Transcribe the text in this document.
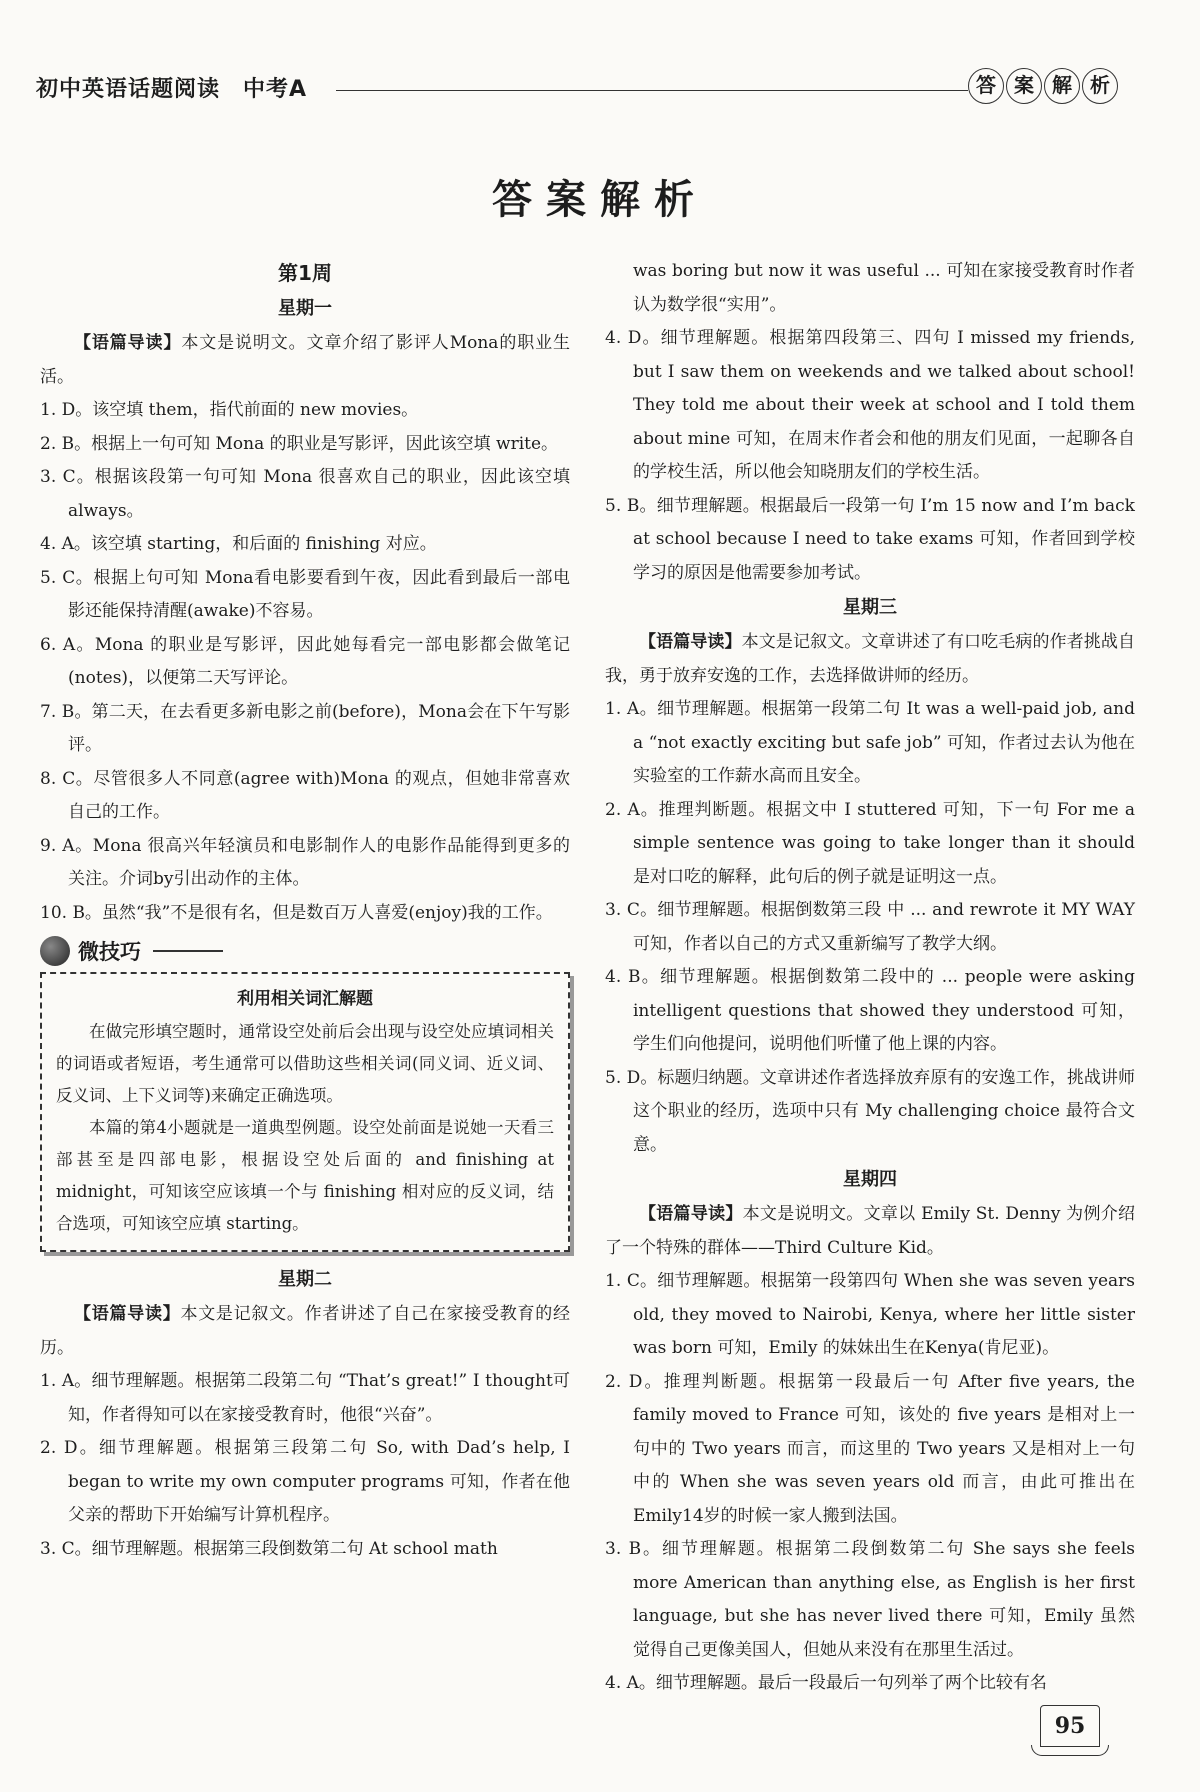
初中英语话题阅读　中考A	答 案 解 析
答案解析

第1周

星期一

【语篇导读】本文是说明文。文章介绍了影评人Mona的职业生活。

1. D。该空填 them，指代前面的 new movies。

2. B。根据上一句可知 Mona 的职业是写影评，因此该空填 write。

3. C。根据该段第一句可知 Mona 很喜欢自己的职业，因此该空填always。

4. A。该空填 starting，和后面的 finishing 对应。

5. C。根据上句可知 Mona看电影要看到午夜，因此看到最后一部电影还能保持清醒(awake)不容易。

6. A。Mona 的职业是写影评，因此她每看完一部电影都会做笔记(notes)，以便第二天写评论。

7. B。第二天，在去看更多新电影之前(before)，Mona会在下午写影评。

8. C。尽管很多人不同意(agree with)Mona 的观点，但她非常喜欢自己的工作。

9. A。Mona 很高兴年轻演员和电影制作人的电影作品能得到更多的关注。介词by引出动作的主体。

10. B。虽然“我”不是很有名，但是数百万人喜爱(enjoy)我的工作。

微技巧
利用相关词汇解题

在做完形填空题时，通常设空处前后会出现与设空处应填词相关的词语或者短语，考生通常可以借助这些相关词(同义词、近义词、反义词、上下义词等)来确定正确选项。

本篇的第4小题就是一道典型例题。设空处前面是说她一天看三部甚至是四部电影，根据设空处后面的 and finishing at midnight，可知该空应该填一个与 finishing 相对应的反义词，结合选项，可知该空应填 starting。

星期二

【语篇导读】本文是记叙文。作者讲述了自己在家接受教育的经历。

1. A。细节理解题。根据第二段第二句 “That’s great!” I thought可知，作者得知可以在家接受教育时，他很“兴奋”。

2. D。细节理解题。根据第三段第二句 So, with Dad’s help, I began to write my own computer programs 可知，作者在他父亲的帮助下开始编写计算机程序。

3. C。细节理解题。根据第三段倒数第二句 At school math

was boring but now it was useful ... 可知在家接受教育时作者认为数学很“实用”。

4. D。细节理解题。根据第四段第三、四句 I missed my friends, but I saw them on weekends and we talked about school! They told me about their week at school and I told them about mine 可知，在周末作者会和他的朋友们见面，一起聊各自的学校生活，所以他会知晓朋友们的学校生活。

5. B。细节理解题。根据最后一段第一句 I’m 15 now and I’m back at school because I need to take exams 可知，作者回到学校学习的原因是他需要参加考试。

星期三

【语篇导读】本文是记叙文。文章讲述了有口吃毛病的作者挑战自我，勇于放弃安逸的工作，去选择做讲师的经历。

1. A。细节理解题。根据第一段第二句 It was a well-paid job, and a “not exactly exciting but safe job” 可知，作者过去认为他在实验室的工作薪水高而且安全。

2. A。推理判断题。根据文中 I stuttered 可知，下一句 For me a simple sentence was going to take longer than it should 是对口吃的解释，此句后的例子就是证明这一点。

3. C。细节理解题。根据倒数第三段 中 ... and rewrote it MY WAY 可知，作者以自己的方式又重新编写了教学大纲。

4. B。细节理解题。根据倒数第二段中的 ... people were asking intelligent questions that showed they understood 可知，学生们向他提问，说明他们听懂了他上课的内容。

5. D。标题归纳题。文章讲述作者选择放弃原有的安逸工作，挑战讲师这个职业的经历，选项中只有 My challenging choice 最符合文意。

星期四

【语篇导读】本文是说明文。文章以 Emily St. Denny 为例介绍了一个特殊的群体——Third Culture Kid。

1. C。细节理解题。根据第一段第四句 When she was seven years old, they moved to Nairobi, Kenya, where her little sister was born 可知，Emily 的妹妹出生在Kenya(肯尼亚)。

2. D。推理判断题。根据第一段最后一句 After five years, the family moved to France 可知，该处的 five years 是相对上一句中的 Two years 而言，而这里的 Two years 又是相对上一句中的 When she was seven years old 而言，由此可推出在Emily14岁的时候一家人搬到法国。

3. B。细节理解题。根据第二段倒数第二句 She says she feels more American than anything else, as English is her first language, but she has never lived there 可知，Emily 虽然觉得自己更像美国人，但她从来没有在那里生活过。

4. A。细节理解题。最后一段最后一句列举了两个比较有名

95
